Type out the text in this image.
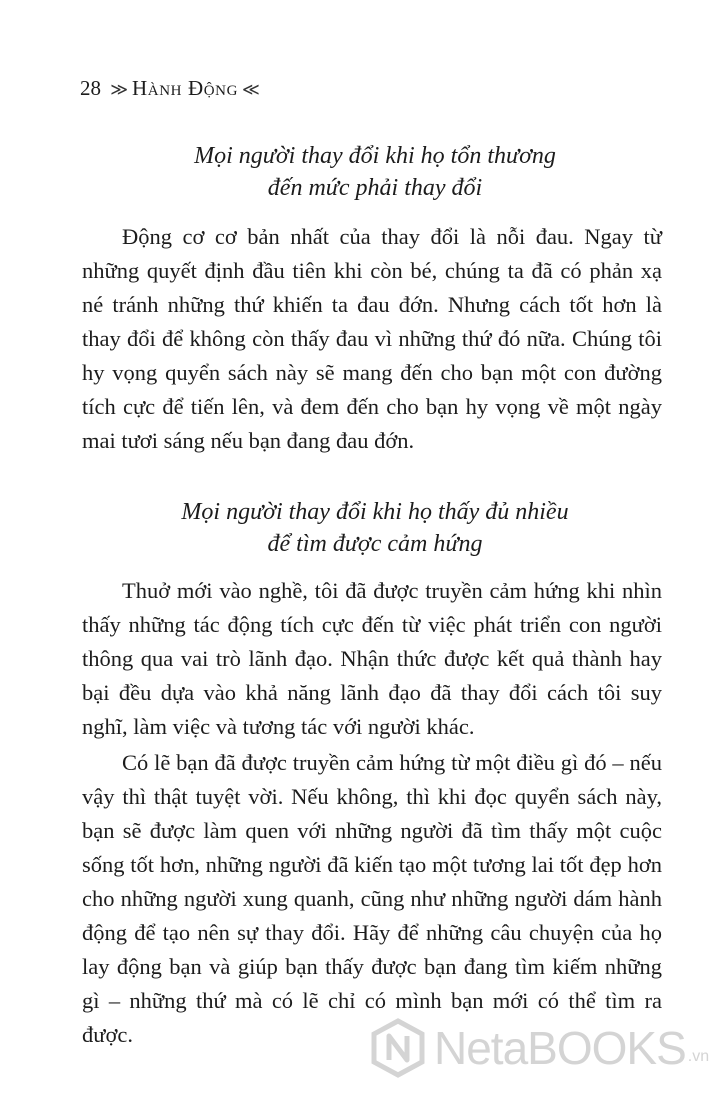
28 ≫ Hành Động ≪
Mọi người thay đổi khi họ tổn thương
đến mức phải thay đổi

Động cơ cơ bản nhất của thay đổi là nỗi đau. Ngay từ những quyết định đầu tiên khi còn bé, chúng ta đã có phản xạ né tránh những thứ khiến ta đau đớn. Nhưng cách tốt hơn là thay đổi để không còn thấy đau vì những thứ đó nữa. Chúng tôi hy vọng quyển sách này sẽ mang đến cho bạn một con đường tích cực để tiến lên, và đem đến cho bạn hy vọng về một ngày mai tươi sáng nếu bạn đang đau đớn.

Mọi người thay đổi khi họ thấy đủ nhiều
để tìm được cảm hứng

Thuở mới vào nghề, tôi đã được truyền cảm hứng khi nhìn thấy những tác động tích cực đến từ việc phát triển con người thông qua vai trò lãnh đạo. Nhận thức được kết quả thành hay bại đều dựa vào khả năng lãnh đạo đã thay đổi cách tôi suy nghĩ, làm việc và tương tác với người khác.

Có lẽ bạn đã được truyền cảm hứng từ một điều gì đó – nếu vậy thì thật tuyệt vời. Nếu không, thì khi đọc quyển sách này, bạn sẽ được làm quen với những người đã tìm thấy một cuộc sống tốt hơn, những người đã kiến tạo một tương lai tốt đẹp hơn cho những người xung quanh, cũng như những người dám hành động để tạo nên sự thay đổi. Hãy để những câu chuyện của họ lay động bạn và giúp bạn thấy được bạn đang tìm kiếm những gì – những thứ mà có lẽ chỉ có mình bạn mới có thể tìm ra được.	NetaBOOKS .vn
